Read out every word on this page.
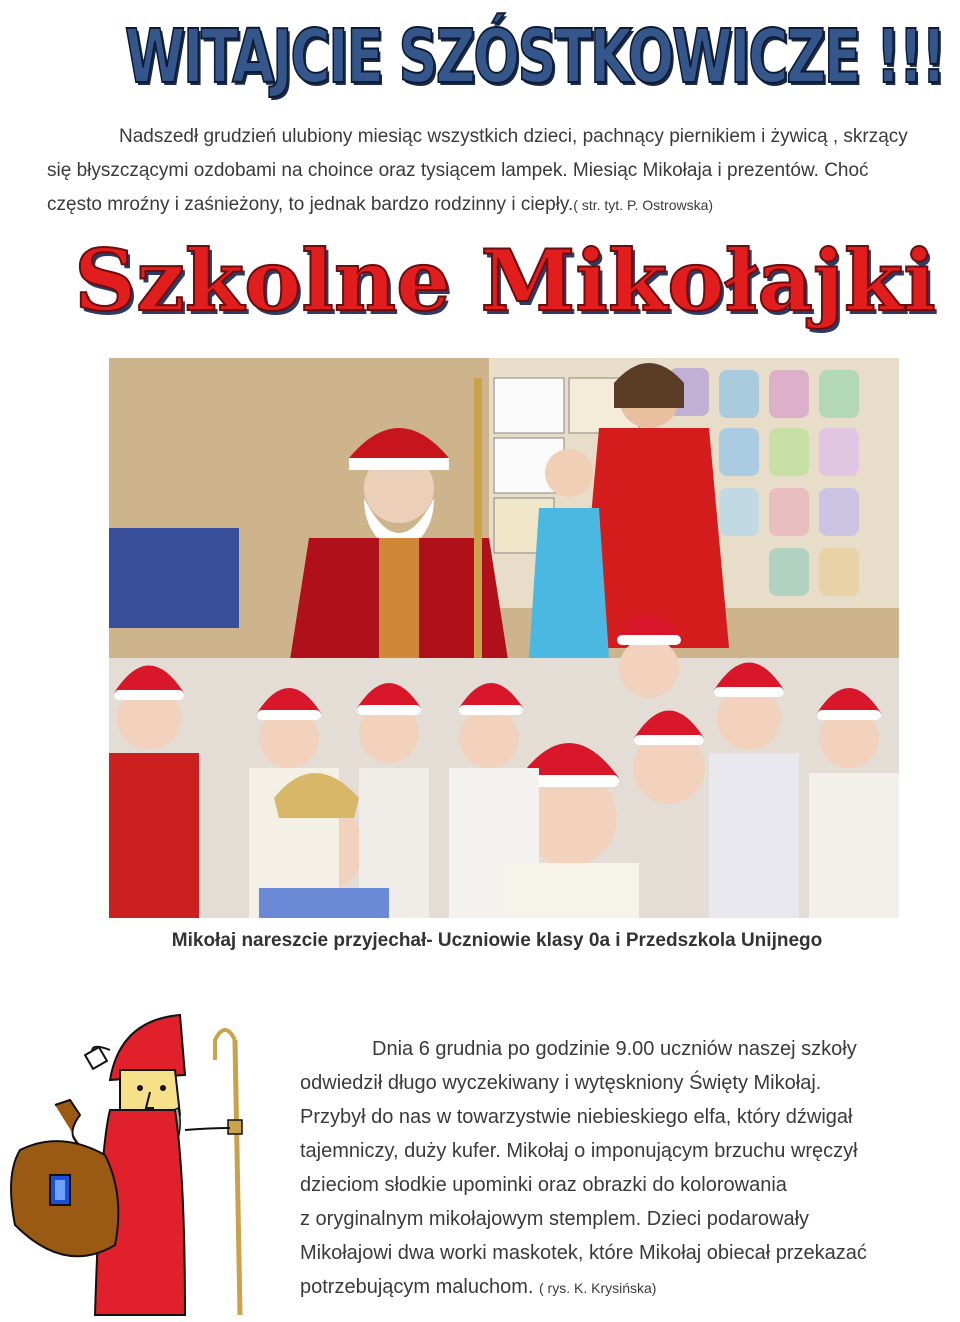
WITAJCIE SZÓSTKOWICZE !!!
Nadszedł grudzień ulubiony miesiąc wszystkich dzieci, pachnący piernikiem i żywicą , skrzący
się błyszczącymi ozdobami na choince oraz tysiącem lampek. Miesiąc Mikołaja i prezentów. Choć
często mroźny i zaśnieżony, to jednak bardzo rodzinny i ciepły.( str. tyt. P. Ostrowska)
Szkolne Mikołajki
Mikołaj nareszcie przyjechał- Uczniowie klasy 0a i Przedszkola Unijnego
Dnia 6 grudnia po godzinie 9.00 uczniów naszej szkoły
odwiedził długo wyczekiwany i wytęskniony Święty Mikołaj.
Przybył do nas w towarzystwie niebieskiego elfa, który dźwigał
tajemniczy, duży kufer. Mikołaj o imponującym brzuchu wręczył
dzieciom słodkie upominki oraz obrazki do kolorowania
z oryginalnym mikołajowym stemplem. Dzieci podarowały
Mikołajowi dwa worki maskotek, które Mikołaj obiecał przekazać
potrzebującym maluchom. ( rys. K. Krysińska)
